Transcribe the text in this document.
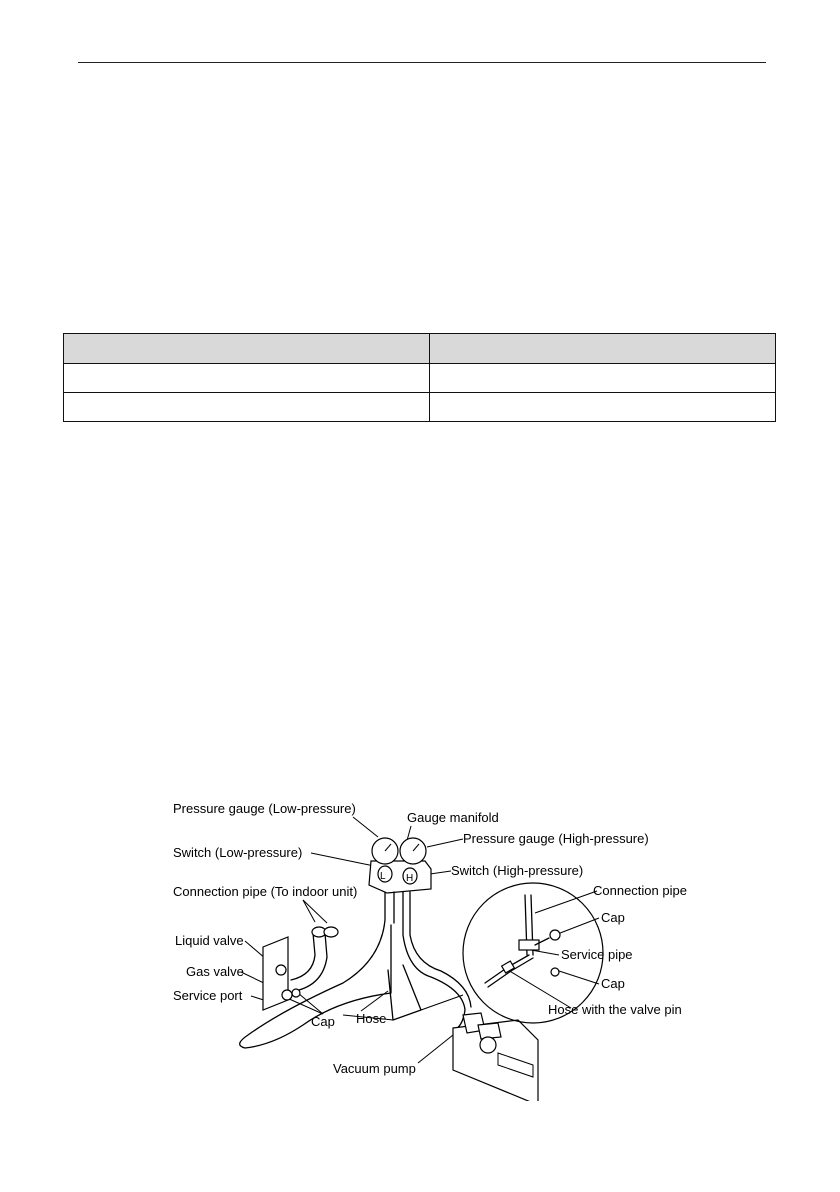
Pressure gauge (Low-pressure)
Gauge manifold
Pressure gauge (High-pressure)
Switch (Low-pressure)
Switch (High-pressure)
Connection pipe (To indoor unit)	Connection pipe
Cap
Liquid valve
Service pipe
Gas valve
Cap
Service port
Hose
Hose with the valve pin
Cap
Vacuum pump
L H
